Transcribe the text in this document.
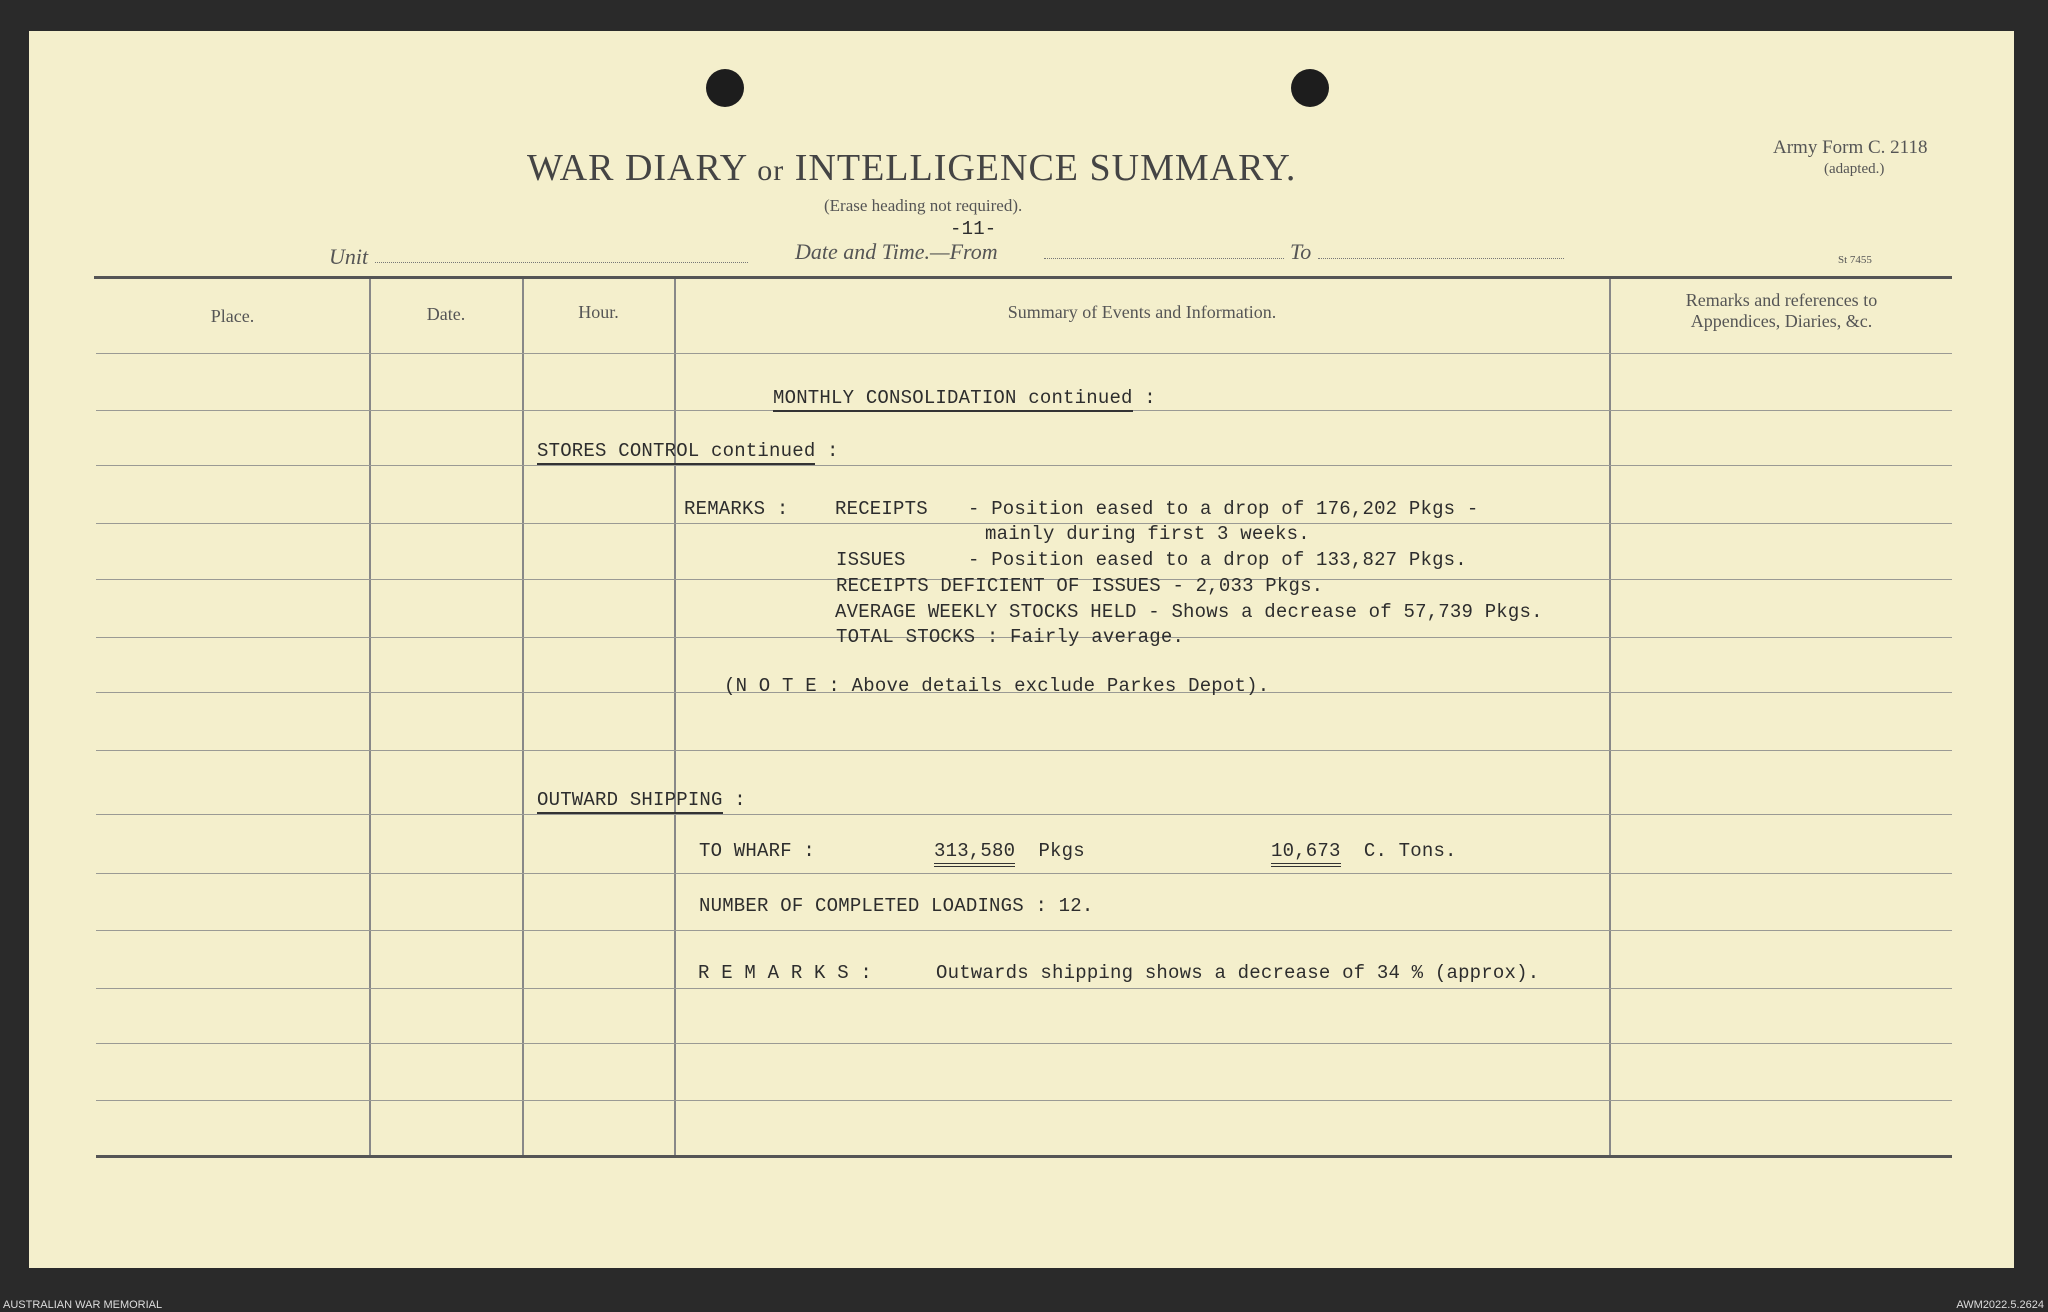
WAR DIARY or INTELLIGENCE SUMMARY.
(Erase heading not required).
-11-
Unit	Date and Time.—From	To
Army Form C. 2118
(adapted.)
St 7455
Place.	Date.	Hour.	Summary of Events and Information.
Remarks and references to
Appendices, Diaries, &c.
MONTHLY CONSOLIDATION continued :
STORES CONTROL continued :
REMARKS : RECEIPTS - Position eased to a drop of 176,202 Pkgs -
mainly during first 3 weeks.
ISSUES	- Position eased to a drop of 133,827 Pkgs.
RECEIPTS DEFICIENT OF ISSUES - 2,033 Pkgs.
AVERAGE WEEKLY STOCKS HELD - Shows a decrease of 57,739 Pkgs.
TOTAL STOCKS : Fairly average.
(N O T E : Above details exclude Parkes Depot).
OUTWARD SHIPPING :
TO WHARF :	313,580 Pkgs	10,673 C. Tons.
NUMBER OF COMPLETED LOADINGS : 12.
R E M A R K S :	Outwards shipping shows a decrease of 34 % (approx).
AUSTRALIAN WAR MEMORIAL	AWM2022.5.2624
